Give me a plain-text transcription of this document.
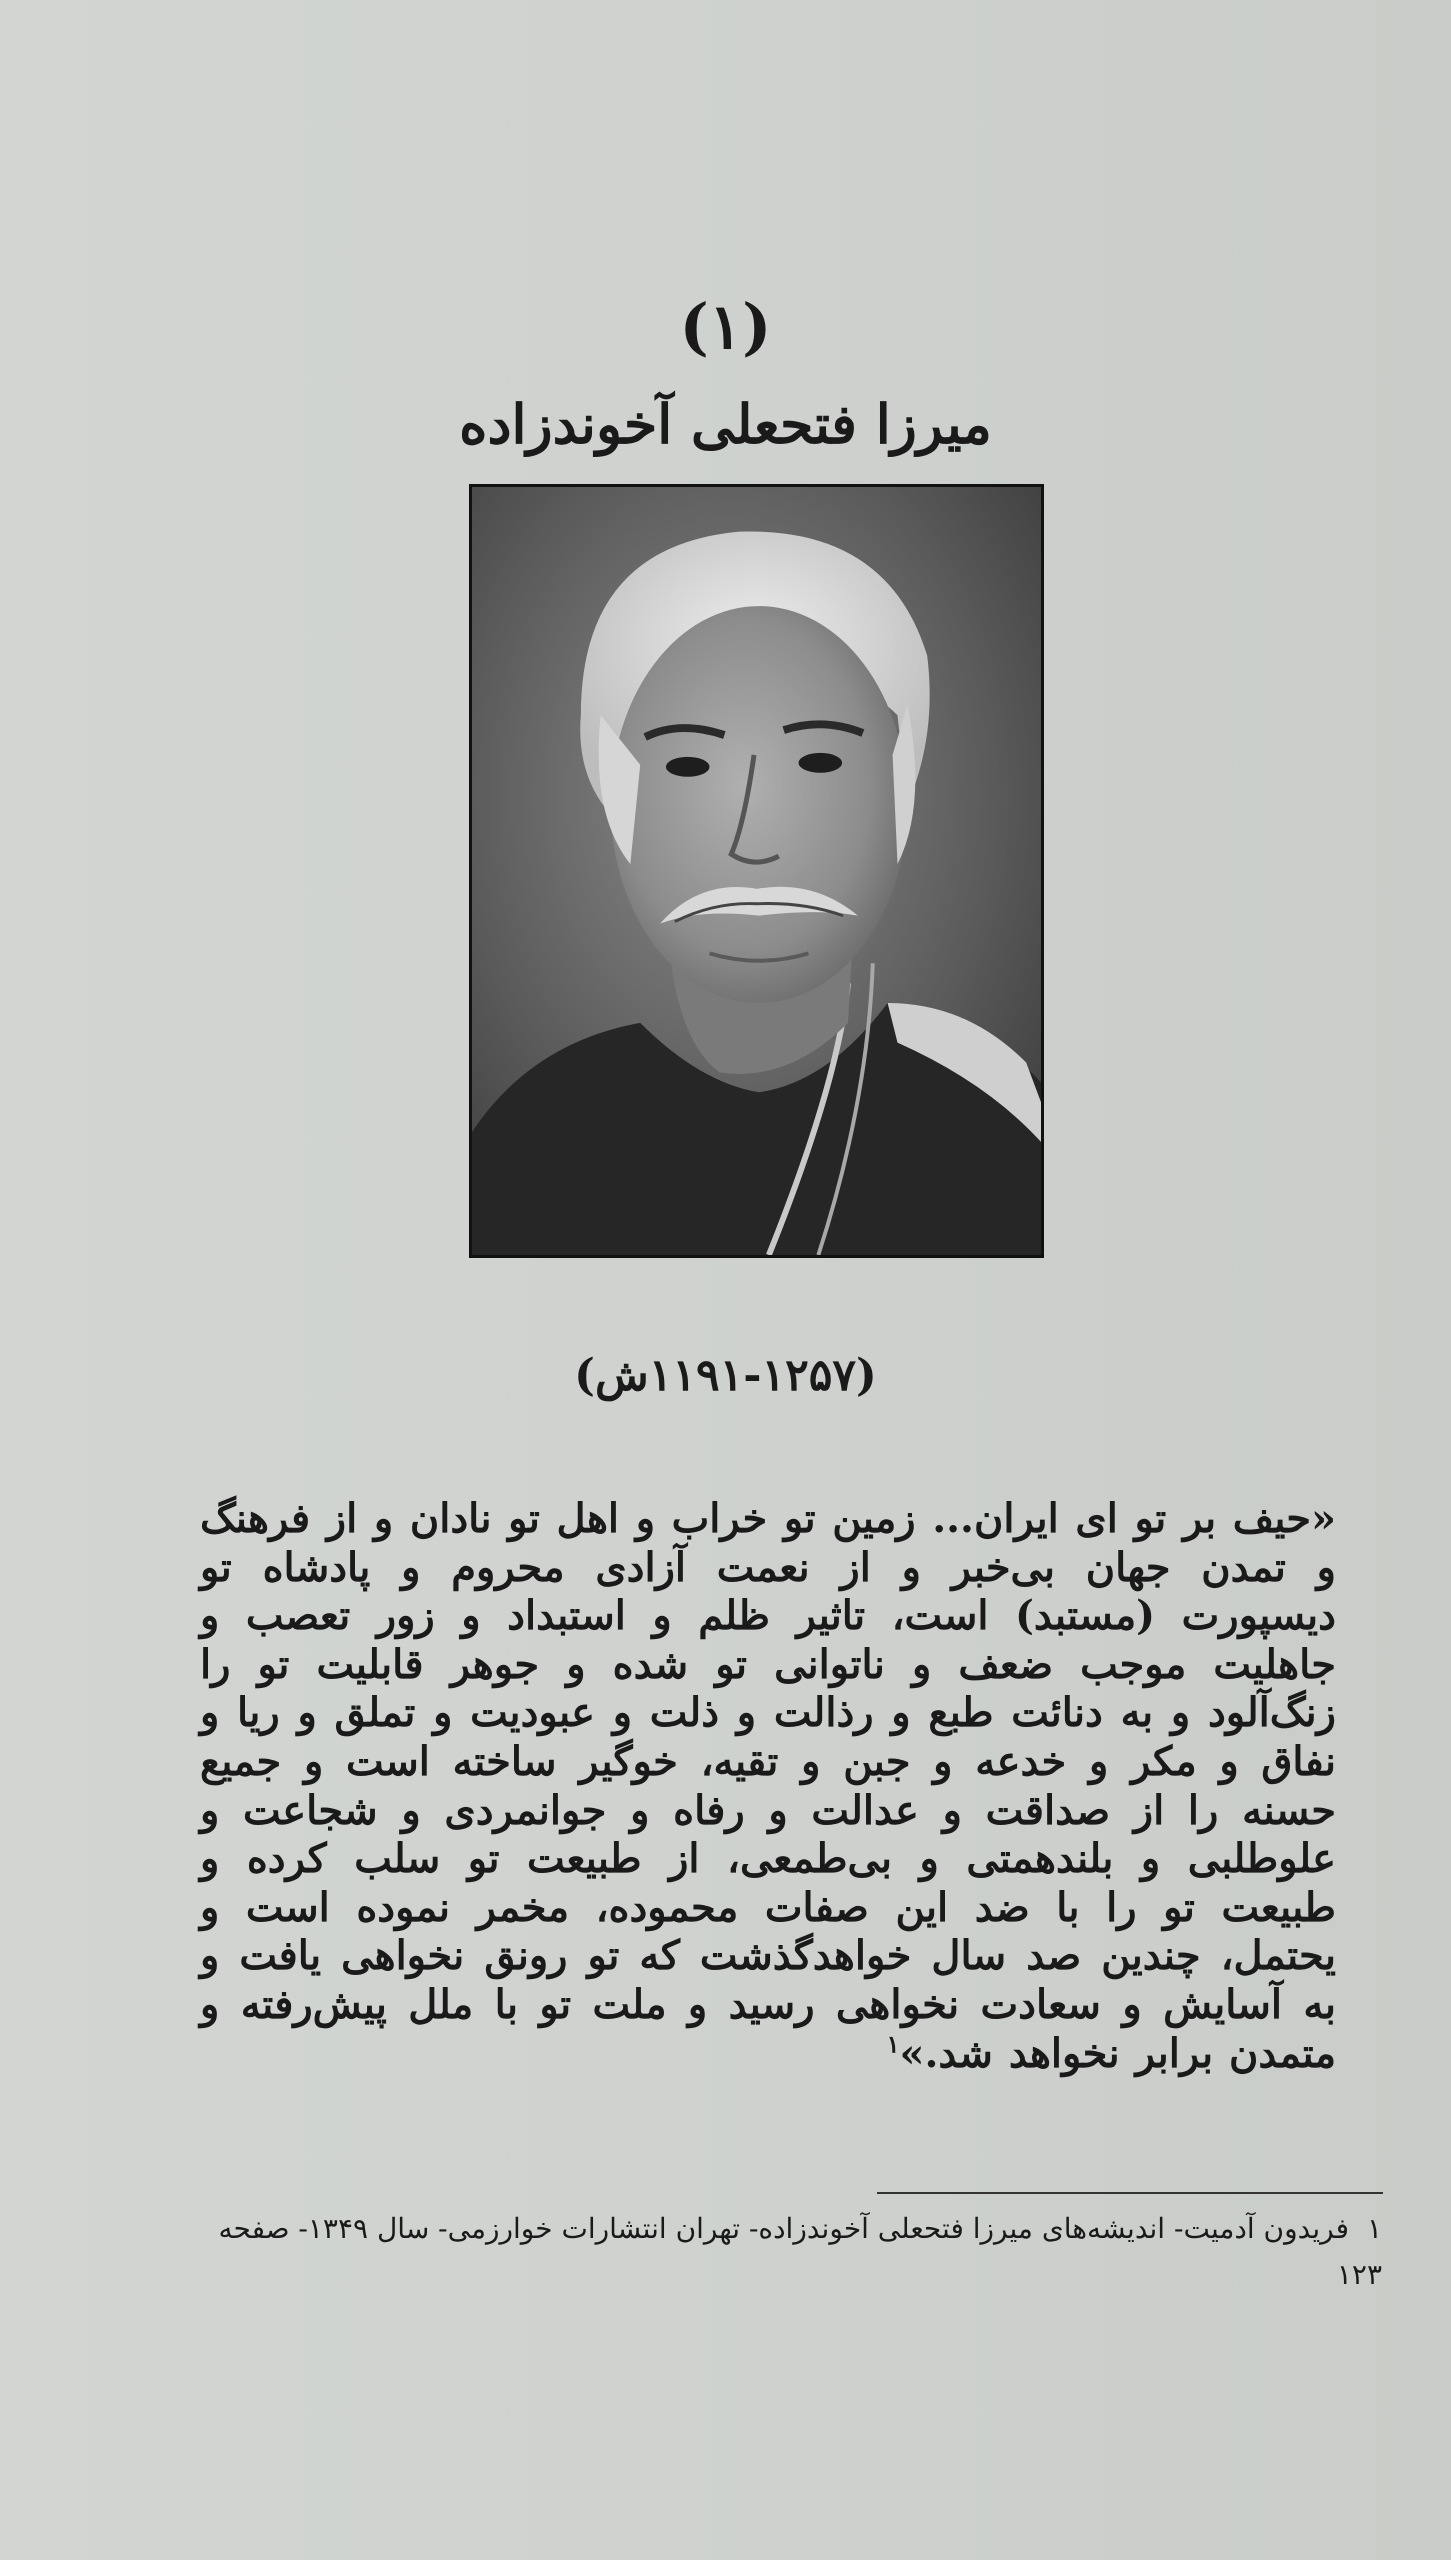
(۱)
میرزا فتحعلی آخوندزاده
(۱۱۹۱-۱۲۵۷ش)
«حیف بر تو ای ایران... زمین تو خراب و اهل تو نادان و از فرهنگ و تمدن جهان بی‌خبر و از نعمت آزادی محروم و پادشاه تو دیسپورت (مستبد) است، تاثیر ظلم و استبداد و زور تعصب و جاهلیت موجب ضعف و ناتوانی تو شده و جوهر قابلیت تو را زنگ‌آلود و به دنائت طبع و رذالت و ذلت و عبودیت و تملق و ریا و نفاق و مکر و خدعه و جبن و تقیه، خوگیر ساخته است و جمیع حسنه را از صداقت و عدالت و رفاه و جوانمردی و شجاعت و علوطلبی و بلندهمتی و بی‌طمعی، از طبیعت تو سلب کرده و طبیعت تو را با ضد این صفات محموده، مخمر نموده است و یحتمل، چندین صد سال خواهدگذشت که تو رونق نخواهی یافت و به آسایش و سعادت نخواهی رسید و ملت تو با ملل پیش‌رفته و متمدن برابر نخواهد شد.»$^۱$
۱فریدون آدمیت- اندیشه‌های میرزا فتحعلی آخوندزاده- تهران انتشارات خوارزمی- سال ۱۳۴۹- صفحه ۱۲۳
